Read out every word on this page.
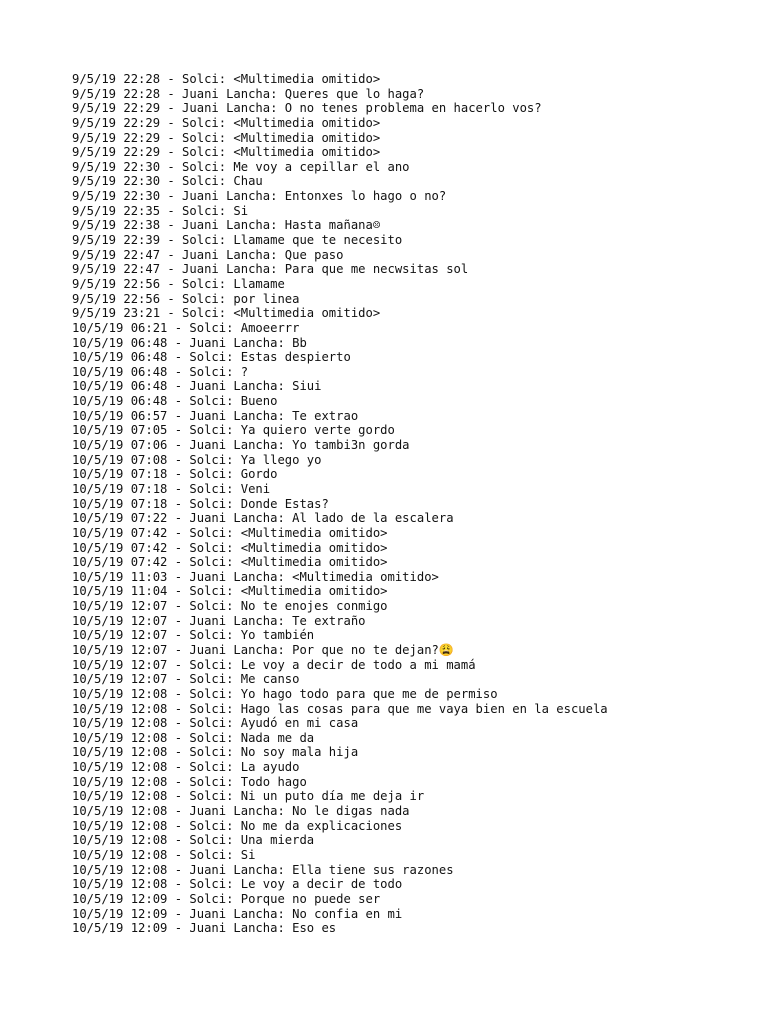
9/5/19 22:28 - Solci: <Multimedia omitido>
9/5/19 22:28 - Juani Lancha: Queres que lo haga?
9/5/19 22:29 - Juani Lancha: O no tenes problema en hacerlo vos?
9/5/19 22:29 - Solci: <Multimedia omitido>
9/5/19 22:29 - Solci: <Multimedia omitido>
9/5/19 22:29 - Solci: <Multimedia omitido>
9/5/19 22:30 - Solci: Me voy a cepillar el ano
9/5/19 22:30 - Solci: Chau
9/5/19 22:30 - Juani Lancha: Entonxes lo hago o no?
9/5/19 22:35 - Solci: Si
9/5/19 22:38 - Juani Lancha: Hasta mañana☹
9/5/19 22:39 - Solci: Llamame que te necesito
9/5/19 22:47 - Juani Lancha: Que paso
9/5/19 22:47 - Juani Lancha: Para que me necwsitas sol
9/5/19 22:56 - Solci: Llamame
9/5/19 22:56 - Solci: por linea
9/5/19 23:21 - Solci: <Multimedia omitido>
10/5/19 06:21 - Solci: Amoeerrr
10/5/19 06:48 - Juani Lancha: Bb
10/5/19 06:48 - Solci: Estas despierto
10/5/19 06:48 - Solci: ?
10/5/19 06:48 - Juani Lancha: Siui
10/5/19 06:48 - Solci: Bueno
10/5/19 06:57 - Juani Lancha: Te extrao
10/5/19 07:05 - Solci: Ya quiero verte gordo
10/5/19 07:06 - Juani Lancha: Yo tambi3n gorda
10/5/19 07:08 - Solci: Ya llego yo
10/5/19 07:18 - Solci: Gordo
10/5/19 07:18 - Solci: Veni
10/5/19 07:18 - Solci: Donde Estas?
10/5/19 07:22 - Juani Lancha: Al lado de la escalera
10/5/19 07:42 - Solci: <Multimedia omitido>
10/5/19 07:42 - Solci: <Multimedia omitido>
10/5/19 07:42 - Solci: <Multimedia omitido>
10/5/19 11:03 - Juani Lancha: <Multimedia omitido>
10/5/19 11:04 - Solci: <Multimedia omitido>
10/5/19 12:07 - Solci: No te enojes conmigo
10/5/19 12:07 - Juani Lancha: Te extraño
10/5/19 12:07 - Solci: Yo también
10/5/19 12:07 - Juani Lancha: Por que no te dejan?😩
10/5/19 12:07 - Solci: Le voy a decir de todo a mi mamá
10/5/19 12:07 - Solci: Me canso
10/5/19 12:08 - Solci: Yo hago todo para que me de permiso
10/5/19 12:08 - Solci: Hago las cosas para que me vaya bien en la escuela
10/5/19 12:08 - Solci: Ayudó en mi casa
10/5/19 12:08 - Solci: Nada me da
10/5/19 12:08 - Solci: No soy mala hija
10/5/19 12:08 - Solci: La ayudo
10/5/19 12:08 - Solci: Todo hago
10/5/19 12:08 - Solci: Ni un puto día me deja ir
10/5/19 12:08 - Juani Lancha: No le digas nada
10/5/19 12:08 - Solci: No me da explicaciones
10/5/19 12:08 - Solci: Una mierda
10/5/19 12:08 - Solci: Si
10/5/19 12:08 - Juani Lancha: Ella tiene sus razones
10/5/19 12:08 - Solci: Le voy a decir de todo
10/5/19 12:09 - Solci: Porque no puede ser
10/5/19 12:09 - Juani Lancha: No confia en mi
10/5/19 12:09 - Juani Lancha: Eso es
